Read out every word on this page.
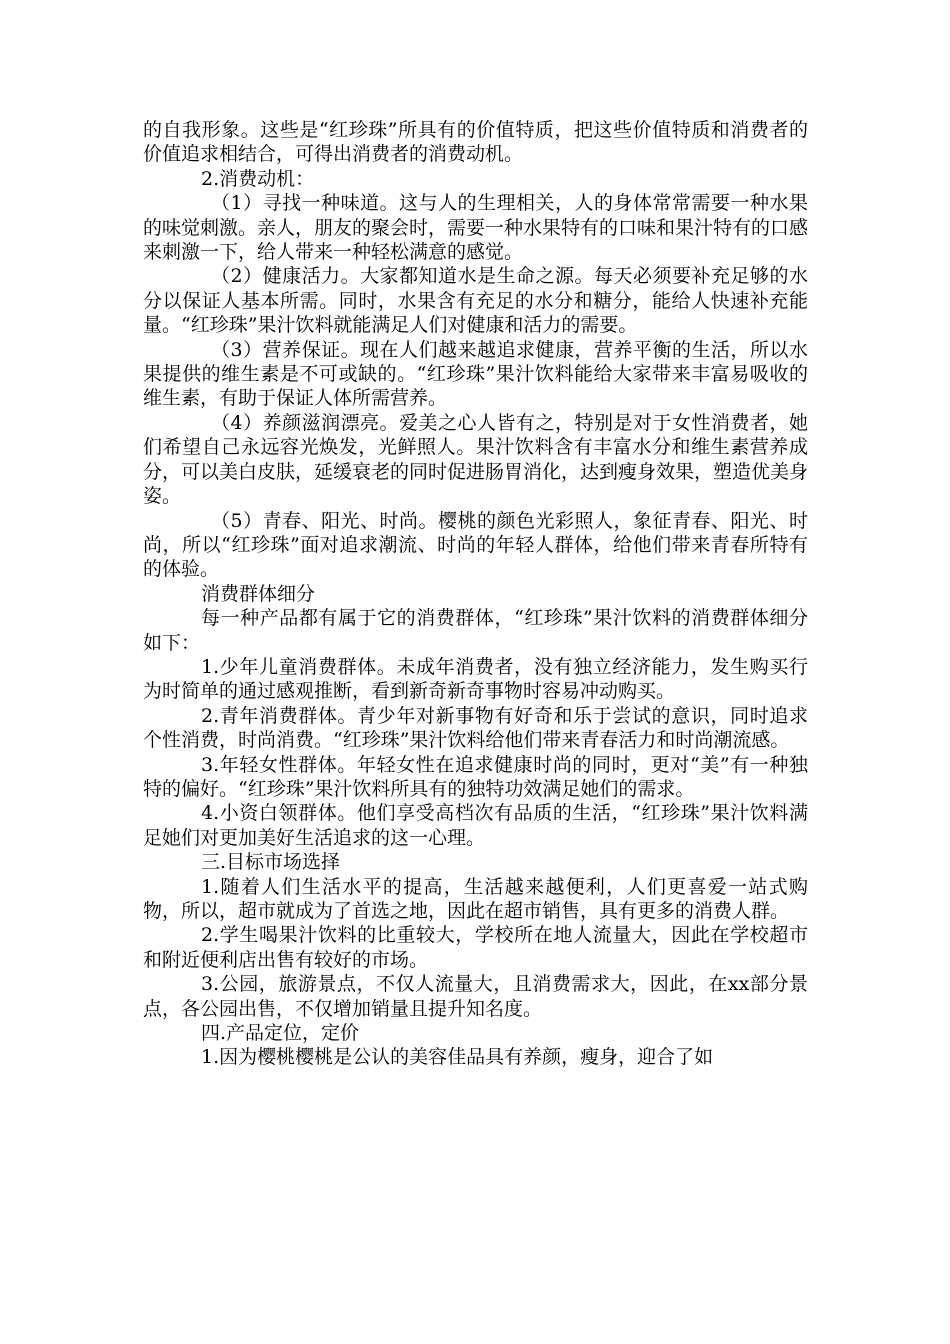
的自我形象。这些是“红珍珠”所具有的价值特质，把这些价值特质和消费者的价值追求相结合，可得出消费者的消费动机。

2.消费动机：

（1）寻找一种味道。这与人的生理相关，人的身体常常需要一种水果的味觉刺激。亲人，朋友的聚会时，需要一种水果特有的口味和果汁特有的口感来刺激一下，给人带来一种轻松满意的感觉。

（2）健康活力。大家都知道水是生命之源。每天必须要补充足够的水分以保证人基本所需。同时，水果含有充足的水分和糖分，能给人快速补充能量。“红珍珠”果汁饮料就能满足人们对健康和活力的需要。

（3）营养保证。现在人们越来越追求健康，营养平衡的生活，所以水果提供的维生素是不可或缺的。“红珍珠”果汁饮料能给大家带来丰富易吸收的维生素，有助于保证人体所需营养。

（4）养颜滋润漂亮。爱美之心人皆有之，特别是对于女性消费者，她们希望自己永远容光焕发，光鲜照人。果汁饮料含有丰富水分和维生素营养成分，可以美白皮肤，延缓衰老的同时促进肠胃消化，达到瘦身效果，塑造优美身姿。

（5）青春、阳光、时尚。樱桃的颜色光彩照人，象征青春、阳光、时尚，所以“红珍珠”面对追求潮流、时尚的年轻人群体，给他们带来青春所特有的体验。

消费群体细分

每一种产品都有属于它的消费群体，“红珍珠”果汁饮料的消费群体细分如下：

1.少年儿童消费群体。未成年消费者，没有独立经济能力，发生购买行为时简单的通过感观推断，看到新奇新奇事物时容易冲动购买。

2.青年消费群体。青少年对新事物有好奇和乐于尝试的意识，同时追求个性消费，时尚消费。“红珍珠”果汁饮料给他们带来青春活力和时尚潮流感。

3.年轻女性群体。年轻女性在追求健康时尚的同时，更对“美”有一种独特的偏好。“红珍珠”果汁饮料所具有的独特功效满足她们的需求。

4.小资白领群体。他们享受高档次有品质的生活，“红珍珠”果汁饮料满足她们对更加美好生活追求的这一心理。

三.目标市场选择

1.随着人们生活水平的提高，生活越来越便利，人们更喜爱一站式购物，所以，超市就成为了首选之地，因此在超市销售，具有更多的消费人群。

2.学生喝果汁饮料的比重较大，学校所在地人流量大，因此在学校超市和附近便利店出售有较好的市场。

3.公园，旅游景点，不仅人流量大，且消费需求大，因此，在xx部分景点，各公园出售，不仅增加销量且提升知名度。

四.产品定位，定价

1.因为樱桃樱桃是公认的美容佳品具有养颜，瘦身，迎合了如
